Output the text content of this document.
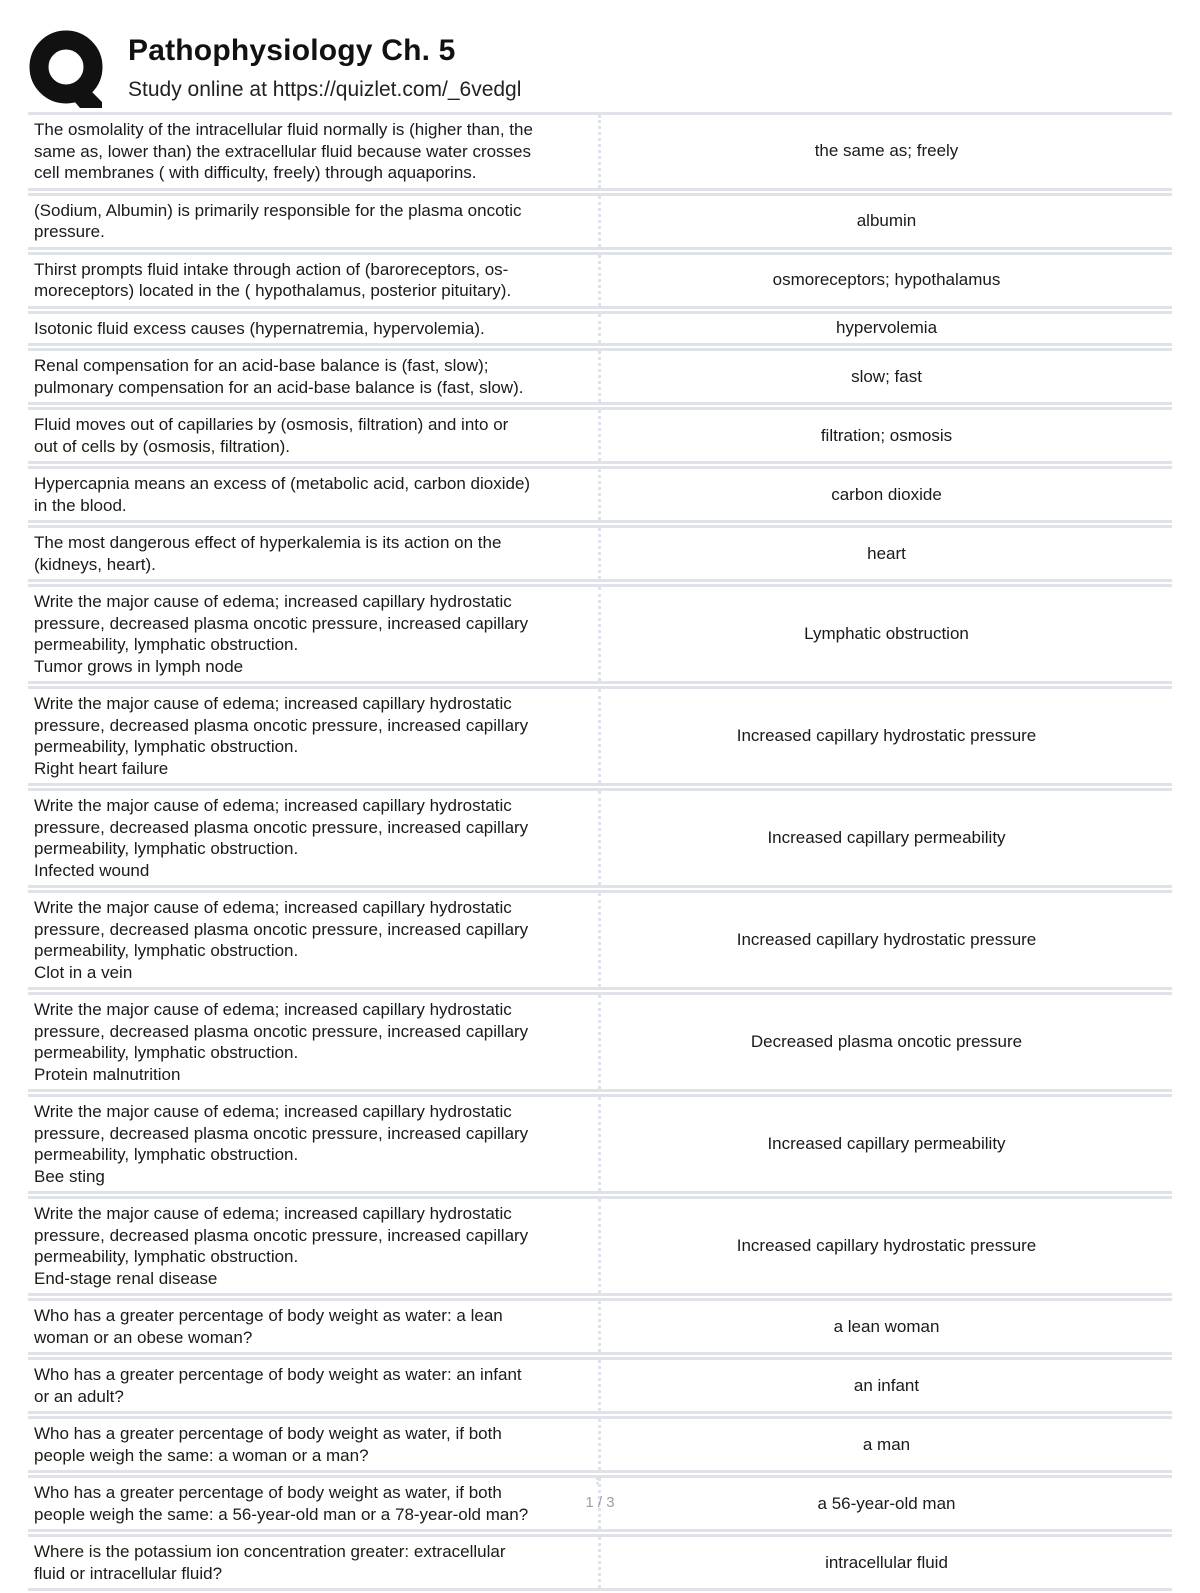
Pathophysiology Ch. 5
Study online at https://quizlet.com/_6vedgl
The osmolality of the intracellular fluid normally is (higher than, the
same as, lower than) the extracellular fluid because water crosses
cell membranes ( with difficulty, freely) through aquaporins.
the same as; freely
(Sodium, Albumin) is primarily responsible for the plasma oncotic
pressure.
albumin
Thirst prompts fluid intake through action of (baroreceptors, os-
moreceptors) located in the ( hypothalamus, posterior pituitary).
osmoreceptors; hypothalamus
Isotonic fluid excess causes (hypernatremia, hypervolemia).	hypervolemia
Renal compensation for an acid-base balance is (fast, slow);
pulmonary compensation for an acid-base balance is (fast, slow).
slow; fast
Fluid moves out of capillaries by (osmosis, filtration) and into or
out of cells by (osmosis, filtration).
filtration; osmosis
Hypercapnia means an excess of (metabolic acid, carbon dioxide)
in the blood.
carbon dioxide
The most dangerous effect of hyperkalemia is its action on the
(kidneys, heart).
heart
Write the major cause of edema; increased capillary hydrostatic
pressure, decreased plasma oncotic pressure, increased capillary
permeability, lymphatic obstruction.
Tumor grows in lymph node
Lymphatic obstruction
Write the major cause of edema; increased capillary hydrostatic
pressure, decreased plasma oncotic pressure, increased capillary
permeability, lymphatic obstruction.
Right heart failure
Increased capillary hydrostatic pressure
Write the major cause of edema; increased capillary hydrostatic
pressure, decreased plasma oncotic pressure, increased capillary
permeability, lymphatic obstruction.
Infected wound
Increased capillary permeability
Write the major cause of edema; increased capillary hydrostatic
pressure, decreased plasma oncotic pressure, increased capillary
permeability, lymphatic obstruction.
Clot in a vein
Increased capillary hydrostatic pressure
Write the major cause of edema; increased capillary hydrostatic
pressure, decreased plasma oncotic pressure, increased capillary
permeability, lymphatic obstruction.
Protein malnutrition
Decreased plasma oncotic pressure
Write the major cause of edema; increased capillary hydrostatic
pressure, decreased plasma oncotic pressure, increased capillary
permeability, lymphatic obstruction.
Bee sting
Increased capillary permeability
Write the major cause of edema; increased capillary hydrostatic
pressure, decreased plasma oncotic pressure, increased capillary
permeability, lymphatic obstruction.
End-stage renal disease
Increased capillary hydrostatic pressure
Who has a greater percentage of body weight as water: a lean
woman or an obese woman?
a lean woman
Who has a greater percentage of body weight as water: an infant
or an adult?
an infant
Who has a greater percentage of body weight as water, if both
people weigh the same: a woman or a man?
a man
Who has a greater percentage of body weight as water, if both
people weigh the same: a 56-year-old man or a 78-year-old man?
a 56-year-old man
Where is the potassium ion concentration greater: extracellular
fluid or intracellular fluid?
intracellular fluid
1 / 3
